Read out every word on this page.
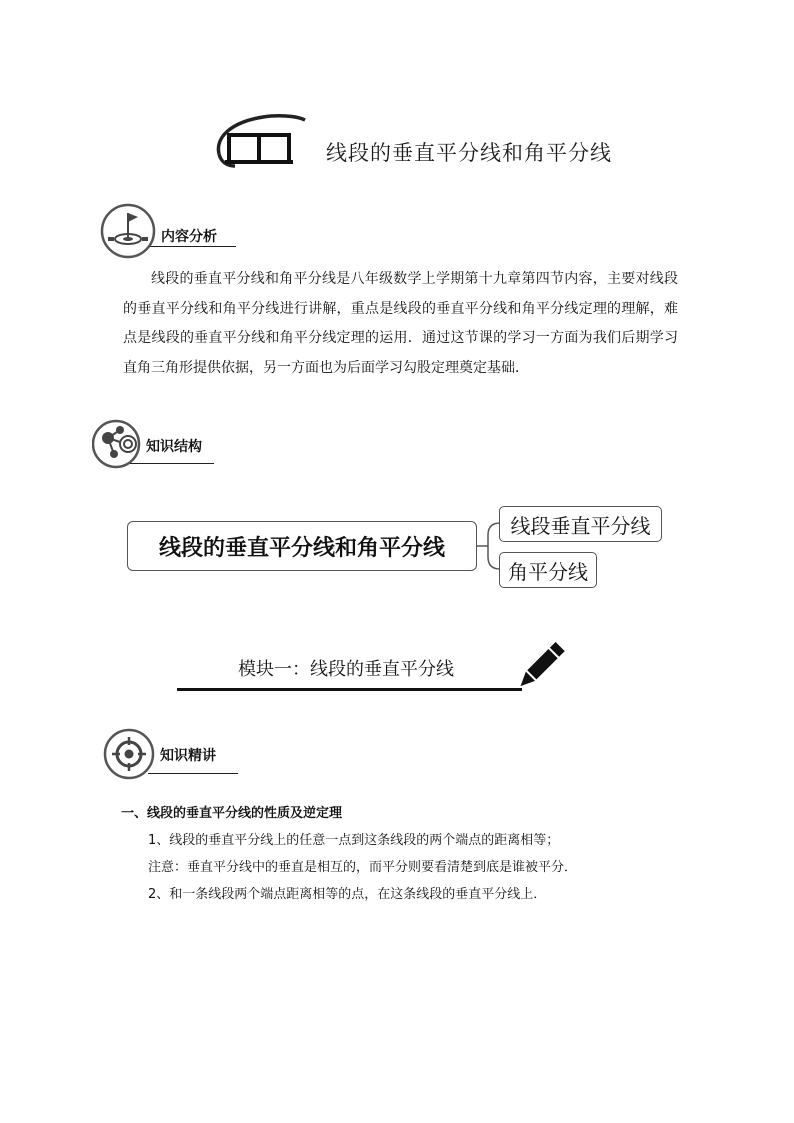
线段的垂直平分线和角平分线
内容分析

线段的垂直平分线和角平分线是八年级数学上学期第十九章第四节内容，主要对线段的垂直平分线和角平分线进行讲解，重点是线段的垂直平分线和角平分线定理的理解，难点是线段的垂直平分线和角平分线定理的运用．通过这节课的学习一方面为我们后期学习直角三角形提供依据，另一方面也为后面学习勾股定理奠定基础．

知识结构
线段的垂直平分线和角平分线
线段垂直平分线
角平分线
模块一：线段的垂直平分线
知识精讲
一、线段的垂直平分线的性质及逆定理
1、线段的垂直平分线上的任意一点到这条线段的两个端点的距离相等；
注意：垂直平分线中的垂直是相互的，而平分则要看清楚到底是谁被平分．
2、和一条线段两个端点距离相等的点，在这条线段的垂直平分线上．
